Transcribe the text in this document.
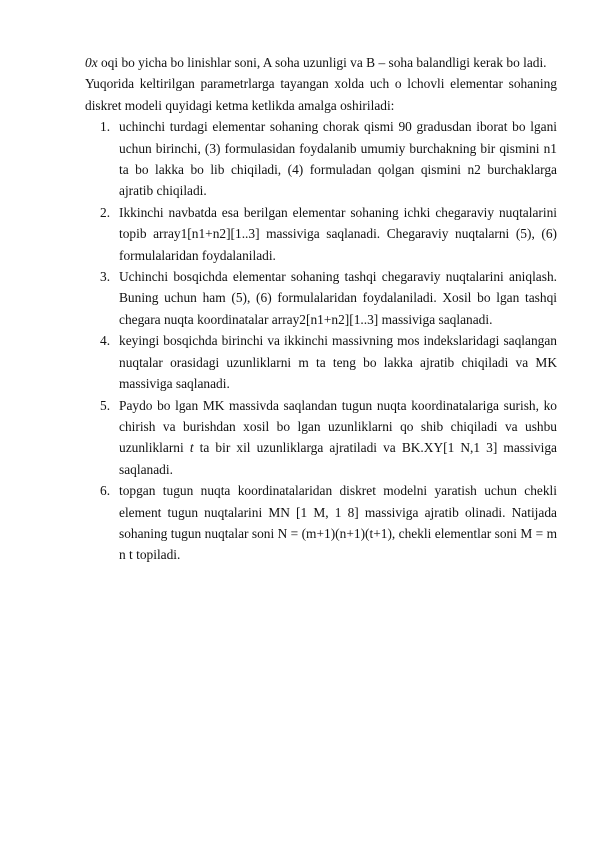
0x oqi bo yicha bo linishlar soni, A soha uzunligi va B – soha balandligi kerak bo ladi.

Yuqorida keltirilgan parametrlarga tayangan xolda uch o lchovli elementar sohaning diskret modeli quyidagi ketma ketlikda amalga oshiriladi:

1. uchinchi turdagi elementar sohaning chorak qismi 90 gradusdan iborat bo lgani uchun birinchi, (3) formulasidan foydalanib umumiy burchakning bir qismini n1 ta bo lakka bo lib chiqiladi, (4) formuladan qolgan qismini n2 burchaklarga ajratib chiqiladi.
2. Ikkinchi navbatda esa berilgan elementar sohaning ichki chegaraviy nuqtalarini topib array1[n1+n2][1..3] massiviga saqlanadi. Chegaraviy nuqtalarni (5), (6) formulalaridan foydalaniladi.
3. Uchinchi bosqichda elementar sohaning tashqi chegaraviy nuqtalarini aniqlash. Buning uchun ham (5), (6) formulalaridan foydalaniladi. Xosil bo lgan tashqi chegara nuqta koordinatalar array2[n1+n2][1..3] massiviga saqlanadi.
4. keyingi bosqichda birinchi va ikkinchi massivning mos indekslaridagi saqlangan nuqtalar orasidagi uzunliklarni m ta teng bo lakka ajratib chiqiladi va MK massiviga saqlanadi.
5. Paydo bo lgan MK massivda saqlandan tugun nuqta koordinatalariga surish, ko chirish va burishdan xosil bo lgan uzunliklarni qo shib chiqiladi va ushbu uzunliklarni t ta bir xil uzunliklarga ajratiladi va BK.XY[1 N,1 3] massiviga saqlanadi.
6. topgan tugun nuqta koordinatalaridan diskret modelni yaratish uchun chekli element tugun nuqtalarini MN [1 M, 1 8] massiviga ajratib olinadi. Natijada sohaning tugun nuqtalar soni N = (m+1)(n+1)(t+1), chekli elementlar soni M = m n t topiladi.
